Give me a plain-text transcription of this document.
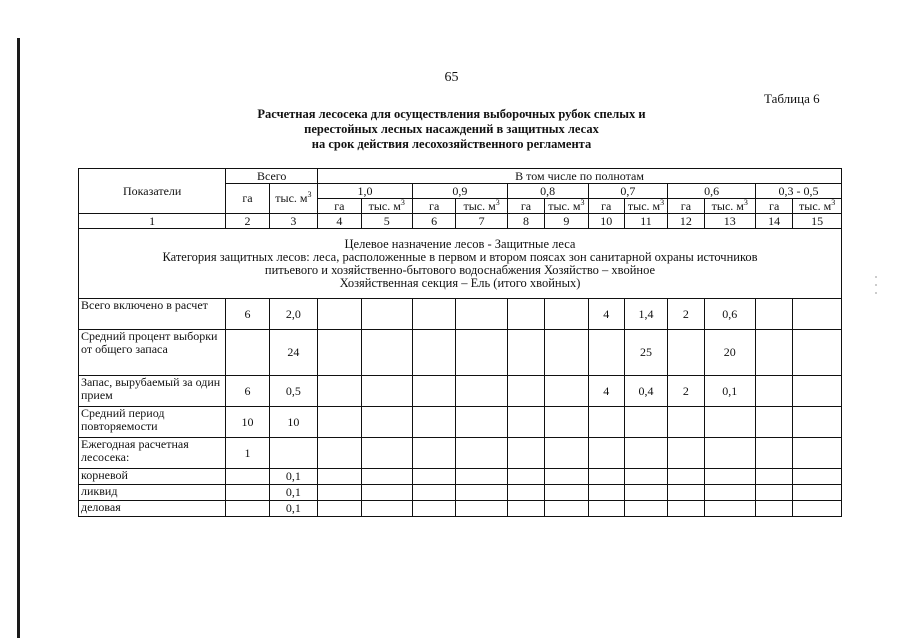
65
Таблица 6
Расчетная лесосека для осуществления выборочных рубок спелых и
перестойных лесных насаждений в защитных лесах
на срок действия лесохозяйственного регламента
Показатели	Всего		В том числе по полнотам											
	га	тыс. $м^3$	1,0		0,9		0,8		0,7		0,6		0,3 - 0,5	
			га	тыс. $м^3$	га	тыс. $м^3$	га	тыс. $м^3$	га	тыс. $м^3$	га	тыс. $м^3$	га	тыс. $м^3$
1	2	3	4	5	6	7	8	9	10	11	12	13	14	15

Целевое назначение лесов - Защитные леса
Категория защитных лесов: леса, расположенные в первом и втором поясах зон санитарной охраны источников
питьевого и хозяйственно-бытового водоснабжения Хозяйство – хвойное
Хозяйственная секция – Ель (итого хвойных)														

Всего включено в расчет	6	2,0							4	1,4	2	0,6		
Средний процент выборки от общего запаса		24								25		20		
Запас, вырубаемый за один прием	6	0,5							4	0,4	2	0,1		
Средний период повторяемости	10	10												
Ежегодная расчетная лесосека:	1													
корневой		0,1												
ликвид		0,1												
деловая		0,1												
